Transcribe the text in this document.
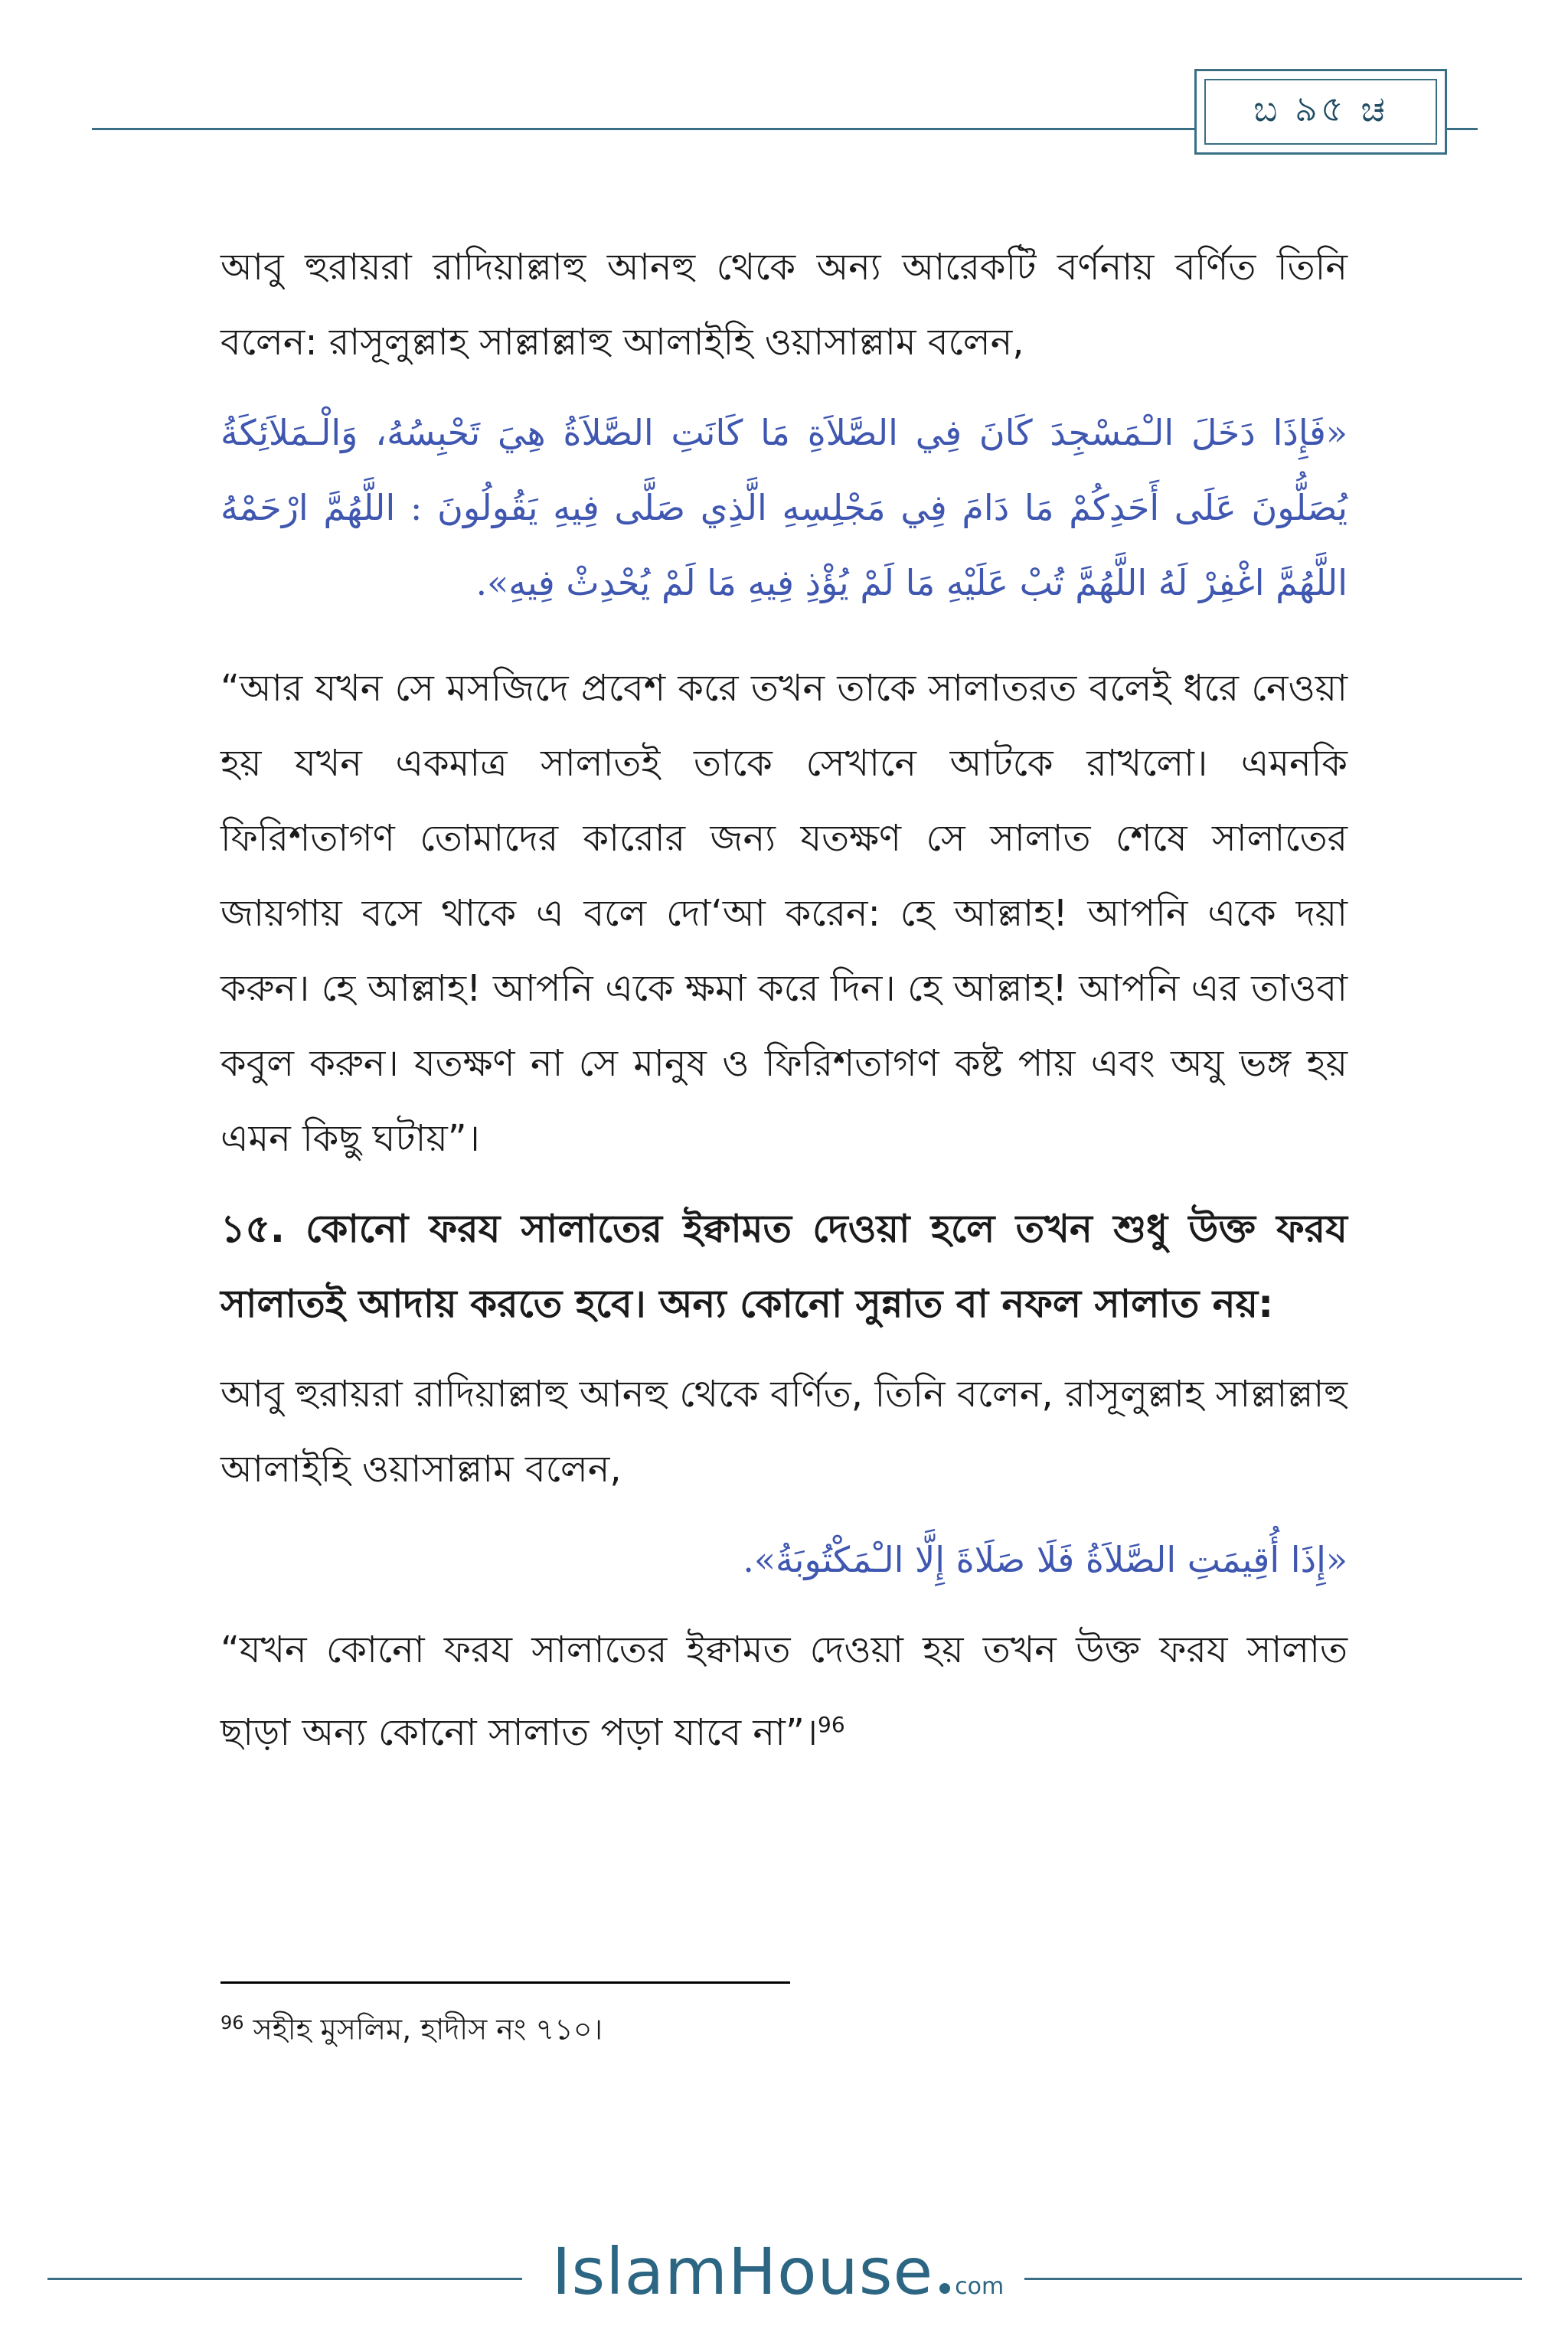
ಬ ৯৫ ಚ

আবু হুরায়রা রাদিয়াল্লাহু আনহু থেকে অন্য আরেকটি বর্ণনায় বর্ণিত তিনি বলেন: রাসূলুল্লাহ সাল্লাল্লাহু আলাইহি ওয়াসাল্লাম বলেন,

«فَإِذَا دَخَلَ الـْمَسْجِدَ كَانَ فِي الصَّلاَةِ مَا كَانَتِ الصَّلاَةُ هِيَ تَحْبِسُهُ، وَالْـمَلاَئِكَةُ يُصَلُّونَ عَلَى أَحَدِكُمْ مَا دَامَ فِي مَجْلِسِهِ الَّذِي صَلَّى فِيهِ يَقُولُونَ : اللَّهُمَّ ارْحَمْهُ اللَّهُمَّ اغْفِرْ لَهُ اللَّهُمَّ تُبْ عَلَيْهِ مَا لَمْ يُؤْذِ فِيهِ مَا لَمْ يُحْدِثْ فِيهِ».

“আর যখন সে মসজিদে প্রবেশ করে তখন তাকে সালাতরত বলেই ধরে নেওয়া হয় যখন একমাত্র সালাতই তাকে সেখানে আটকে রাখলো। এমনকি ফিরিশতাগণ তোমাদের কারোর জন্য যতক্ষণ সে সালাত শেষে সালাতের জায়গায় বসে থাকে এ বলে দো‘আ করেন: হে আল্লাহ! আপনি একে দয়া করুন। হে আল্লাহ! আপনি একে ক্ষমা করে দিন। হে আল্লাহ! আপনি এর তাওবা কবুল করুন। যতক্ষণ না সে মানুষ ও ফিরিশতাগণ কষ্ট পায় এবং অযু ভঙ্গ হয় এমন কিছু ঘটায়”।

১৫. কোনো ফরয সালাতের ইক্বামত দেওয়া হলে তখন শুধু উক্ত ফরয সালাতই আদায় করতে হবে। অন্য কোনো সুন্নাত বা নফল সালাত নয়:

আবু হুরায়রা রাদিয়াল্লাহু আনহু থেকে বর্ণিত, তিনি বলেন, রাসূলুল্লাহ সাল্লাল্লাহু আলাইহি ওয়াসাল্লাম বলেন,

«إِذَا أُقِيمَتِ الصَّلاَةُ فَلَا صَلَاةَ إِلَّا الـْمَكْتُوبَةُ».

“যখন কোনো ফরয সালাতের ইক্বামত দেওয়া হয় তখন উক্ত ফরয সালাত ছাড়া অন্য কোনো সালাত পড়া যাবে না”।$^{96}$

$^{96}$ সহীহ মুসলিম, হাদীস নং ৭১০।
IslamHouse com
